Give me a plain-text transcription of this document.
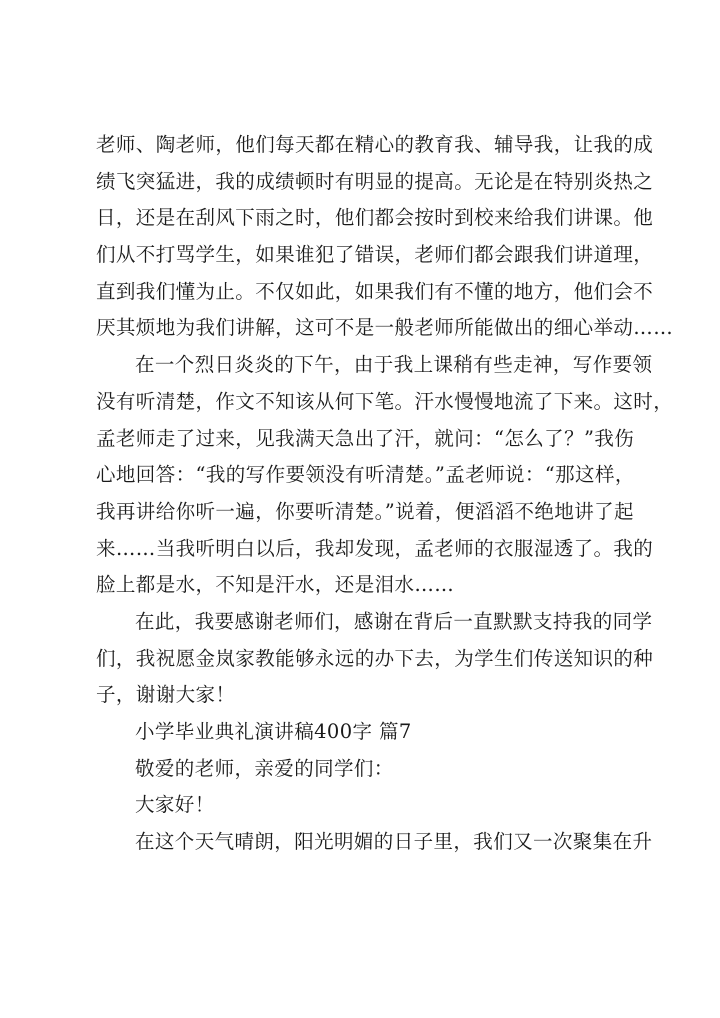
老师、陶老师，他们每天都在精心的教育我、辅导我，让我的成
绩飞突猛进，我的成绩顿时有明显的提高。无论是在特别炎热之
日，还是在刮风下雨之时，他们都会按时到校来给我们讲课。他
们从不打骂学生，如果谁犯了错误，老师们都会跟我们讲道理，
直到我们懂为止。不仅如此，如果我们有不懂的地方，他们会不
厌其烦地为我们讲解，这可不是一般老师所能做出的细心举动……
在一个烈日炎炎的下午，由于我上课稍有些走神，写作要领
没有听清楚，作文不知该从何下笔。汗水慢慢地流了下来。这时，
孟老师走了过来，见我满天急出了汗，就问：“怎么了？”我伤
心地回答：“我的写作要领没有听清楚。”孟老师说：“那这样，
我再讲给你听一遍，你要听清楚。”说着，便滔滔不绝地讲了起
来……当我听明白以后，我却发现，孟老师的衣服湿透了。我的
脸上都是水，不知是汗水，还是泪水……
在此，我要感谢老师们，感谢在背后一直默默支持我的同学
们，我祝愿金岚家教能够永远的办下去，为学生们传送知识的种
子，谢谢大家！
小学毕业典礼演讲稿400字 篇7
敬爱的老师，亲爱的同学们：
大家好！
在这个天气晴朗，阳光明媚的日子里，我们又一次聚集在升
